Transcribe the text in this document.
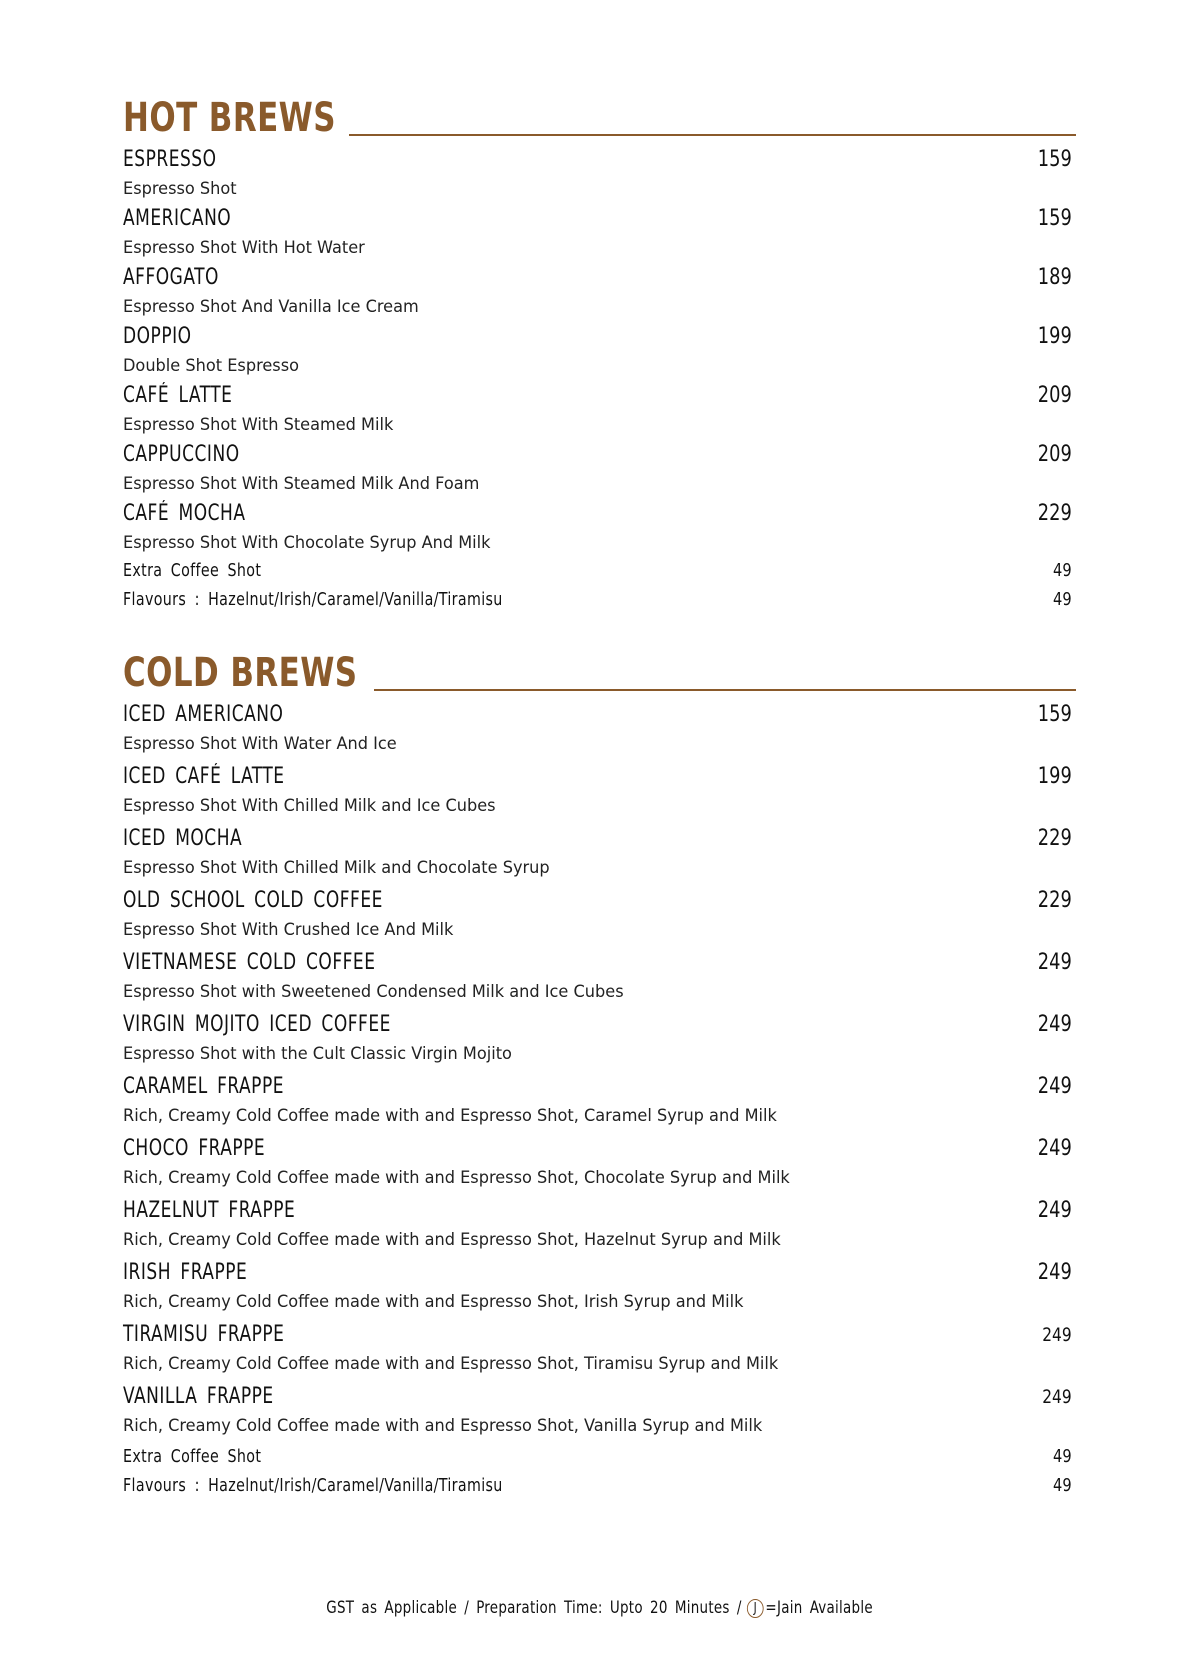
HOT BREWS
ESPRESSO	159
Espresso Shot
AMERICANO	159
Espresso Shot With Hot Water
AFFOGATO	189
Espresso Shot And Vanilla Ice Cream
DOPPIO	199
Double Shot Espresso
CAFÉ LATTE	209
Espresso Shot With Steamed Milk
CAPPUCCINO	209
Espresso Shot With Steamed Milk And Foam
CAFÉ MOCHA	229
Espresso Shot With Chocolate Syrup And Milk
Extra Coffee Shot	49
Flavours : Hazelnut/Irish/Caramel/Vanilla/Tiramisu	49
COLD BREWS
ICED AMERICANO	159
Espresso Shot With Water And Ice
ICED CAFÉ LATTE	199
Espresso Shot With Chilled Milk and Ice Cubes
ICED MOCHA	229
Espresso Shot With Chilled Milk and Chocolate Syrup
OLD SCHOOL COLD COFFEE	229
Espresso Shot With Crushed Ice And Milk
VIETNAMESE COLD COFFEE	249
Espresso Shot with Sweetened Condensed Milk and Ice Cubes
VIRGIN MOJITO ICED COFFEE	249
Espresso Shot with the Cult Classic Virgin Mojito
CARAMEL FRAPPE	249
Rich, Creamy Cold Coffee made with and Espresso Shot, Caramel Syrup and Milk
CHOCO FRAPPE	249
Rich, Creamy Cold Coffee made with and Espresso Shot, Chocolate Syrup and Milk
HAZELNUT FRAPPE	249
Rich, Creamy Cold Coffee made with and Espresso Shot, Hazelnut Syrup and Milk
IRISH FRAPPE	249
Rich, Creamy Cold Coffee made with and Espresso Shot, Irish Syrup and Milk
TIRAMISU FRAPPE	249
Rich, Creamy Cold Coffee made with and Espresso Shot, Tiramisu Syrup and Milk
VANILLA FRAPPE	249
Rich, Creamy Cold Coffee made with and Espresso Shot, Vanilla Syrup and Milk
Extra Coffee Shot	49
Flavours : Hazelnut/Irish/Caramel/Vanilla/Tiramisu	49
GST as Applicable / Preparation Time: Upto 20 Minutes / J =Jain Available
